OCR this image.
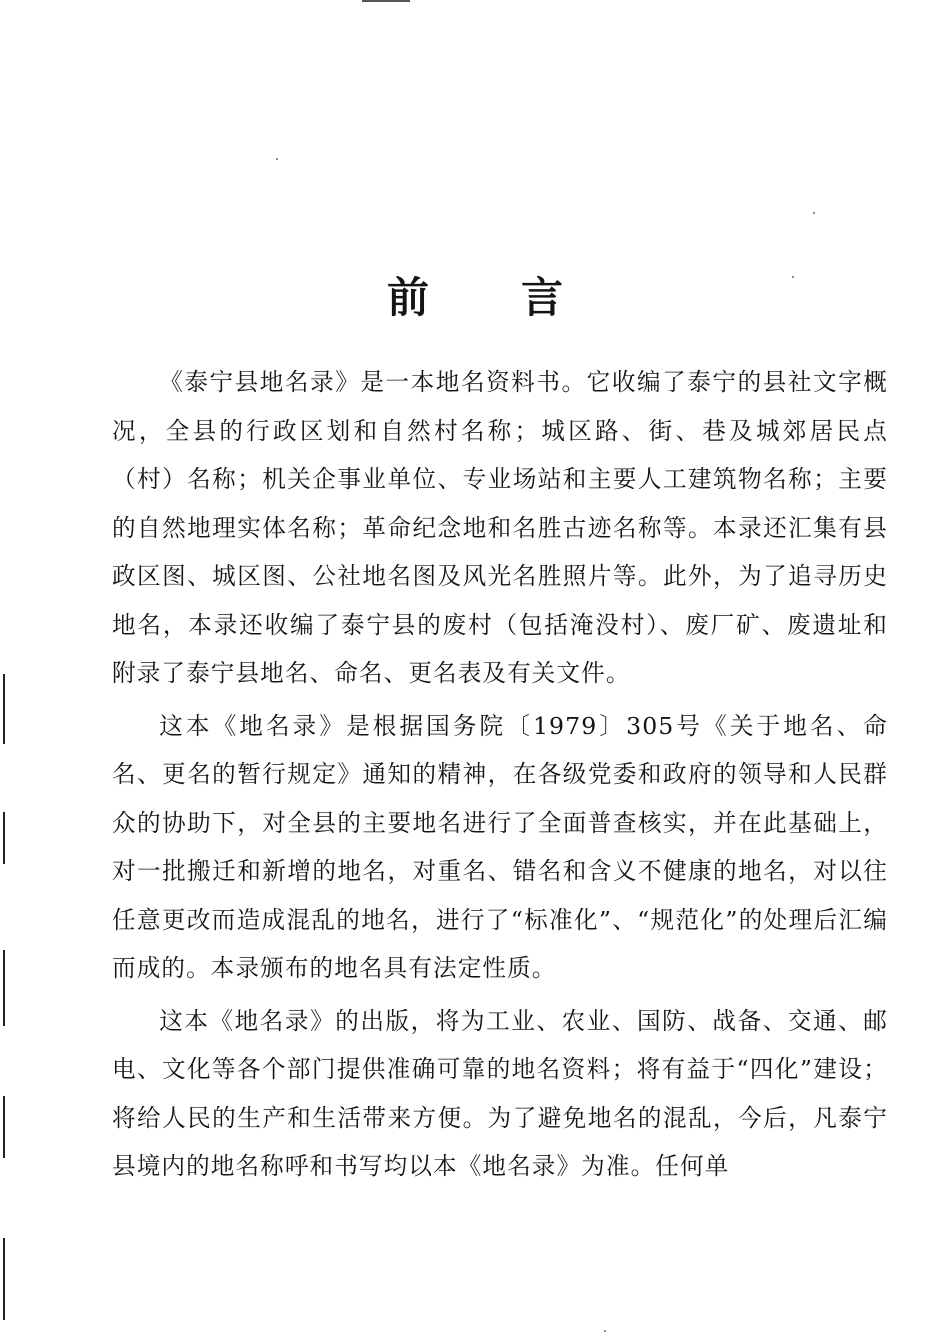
前言

《泰宁县地名录》是一本地名资料书。它收编了泰宁的县社文字概况，全县的行政区划和自然村名称；城区路、街、巷及城郊居民点（村）名称；机关企事业单位、专业场站和主要人工建筑物名称；主要的自然地理实体名称；革命纪念地和名胜古迹名称等。本录还汇集有县政区图、城区图、公社地名图及风光名胜照片等。此外，为了追寻历史地名，本录还收编了泰宁县的废村（包括淹没村）、废厂矿、废遗址和附录了泰宁县地名、命名、更名表及有关文件。

这本《地名录》是根据国务院〔1979〕305号《关于地名、命名、更名的暂行规定》通知的精神，在各级党委和政府的领导和人民群众的协助下，对全县的主要地名进行了全面普查核实，并在此基础上，对一批搬迁和新增的地名，对重名、错名和含义不健康的地名，对以往任意更改而造成混乱的地名，进行了“标准化”、“规范化”的处理后汇编而成的。本录颁布的地名具有法定性质。

这本《地名录》的出版，将为工业、农业、国防、战备、交通、邮电、文化等各个部门提供准确可靠的地名资料；将有益于“四化”建设；将给人民的生产和生活带来方便。为了避免地名的混乱，今后，凡泰宁县境内的地名称呼和书写均以本《地名录》为准。任何单
